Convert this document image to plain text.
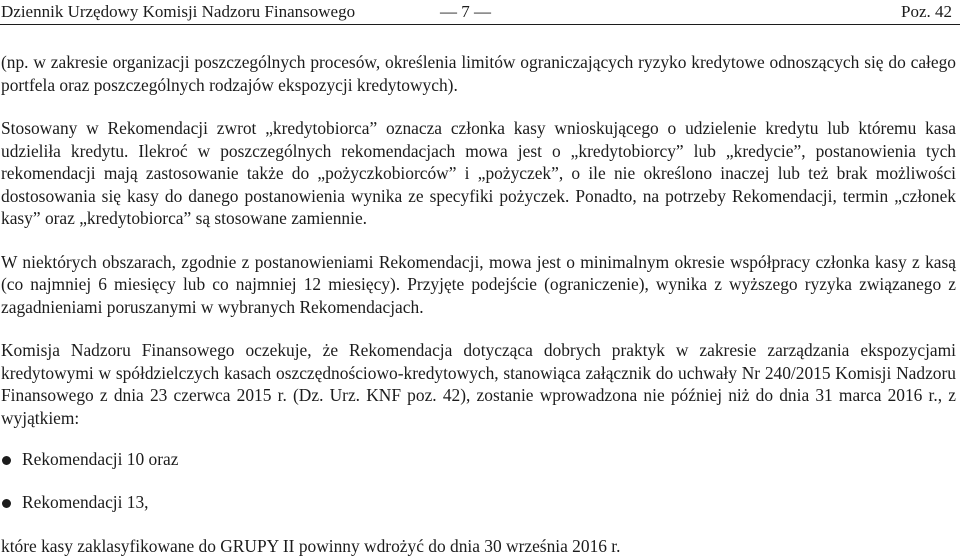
Dziennik Urzędowy Komisji Nadzoru Finansowego	— 7 —	Poz. 42

(np. w zakresie organizacji poszczególnych procesów, określenia limitów ograniczających ryzyko kredytowe odnoszących się do całego portfela oraz poszczególnych rodzajów ekspozycji kredytowych).

Stosowany w Rekomendacji zwrot „kredytobiorca” oznacza członka kasy wnioskującego o udzielenie kredytu lub któremu kasa udzieliła kredytu. Ilekroć w poszczególnych rekomendacjach mowa jest o „kredytobiorcy” lub „kredycie”, postanowienia tych rekomendacji mają zastosowanie także do „pożyczkobiorców” i „pożyczek”, o ile nie określono inaczej lub też brak możliwości dostosowania się kasy do danego postanowienia wynika ze specyfiki pożyczek. Ponadto, na potrzeby Rekomendacji, termin „członek kasy” oraz „kredytobiorca” są stosowane zamiennie.

W niektórych obszarach, zgodnie z postanowieniami Rekomendacji, mowa jest o minimalnym okresie współpracy członka kasy z kasą (co najmniej 6 miesięcy lub co najmniej 12 miesięcy). Przyjęte podejście (ograniczenie), wynika z wyższego ryzyka związanego z zagadnieniami poruszanymi w wybranych Rekomendacjach.

Komisja Nadzoru Finansowego oczekuje, że Rekomendacja dotycząca dobrych praktyk w zakresie zarządzania ekspozycjami kredytowymi w spółdzielczych kasach oszczędnościowo-kredytowych, stanowiąca załącznik do uchwały Nr 240/2015 Komisji Nadzoru Finansowego z dnia 23 czerwca 2015 r. (Dz. Urz. KNF poz. 42), zostanie wprowadzona nie później niż do dnia 31 marca 2016 r., z wyjątkiem:

Rekomendacji 10 oraz
Rekomendacji 13,
które kasy zaklasyfikowane do GRUPY II powinny wdrożyć do dnia 30 września 2016 r.
